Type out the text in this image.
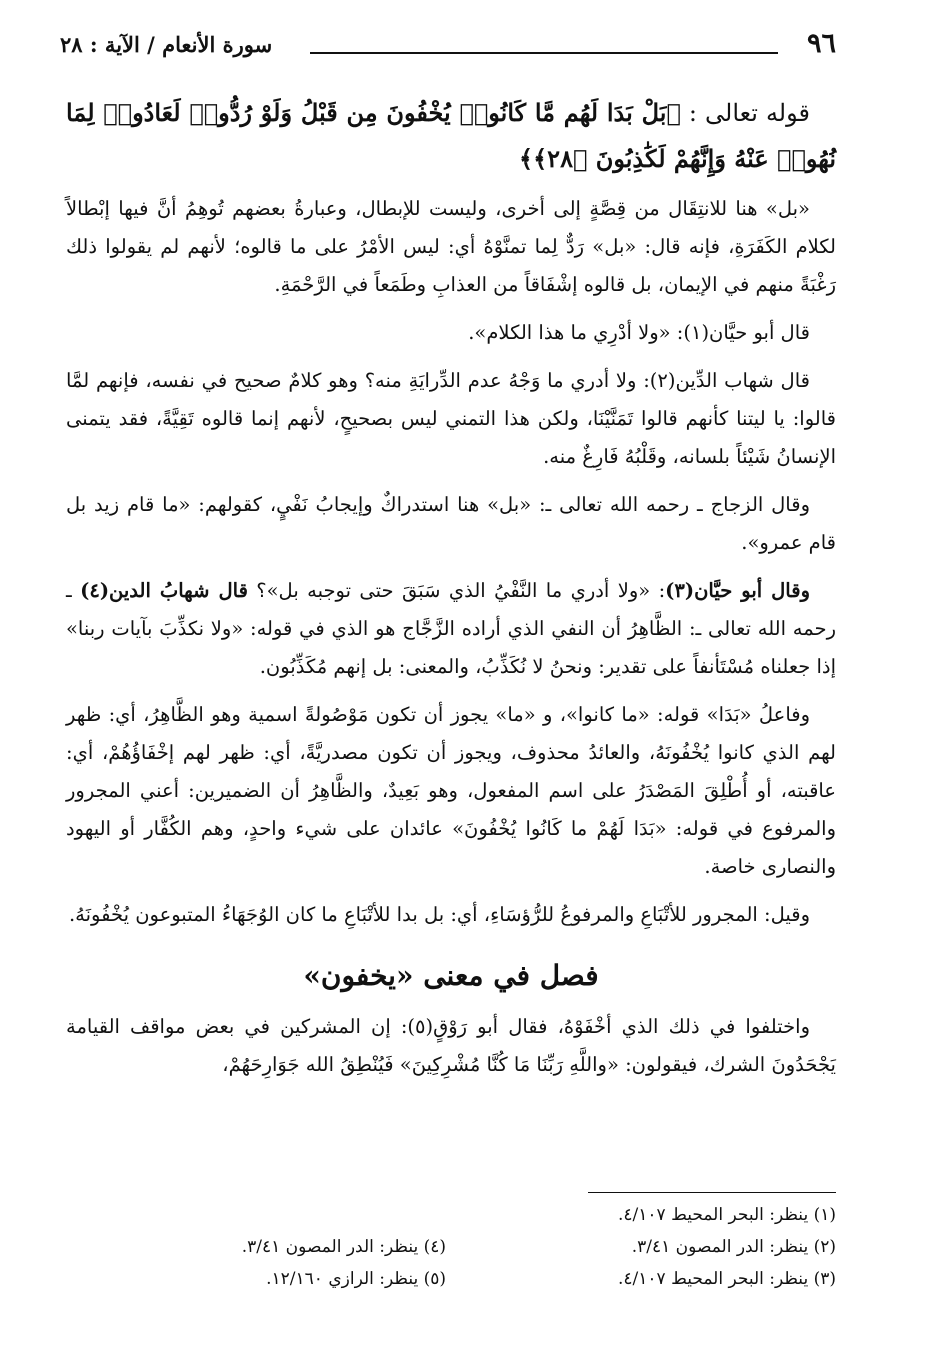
٩٦
سورة الأنعام / الآية : ٢٨

قوله تعالى : ﴿بَلْ بَدَا لَهُم مَّا كَانُوا۟ يُخْفُونَ مِن قَبْلُ وَلَوْ رُدُّوا۟ لَعَادُوا۟ لِمَا نُهُوا۟ عَنْهُ وَإِنَّهُمْ لَكَٰذِبُونَ ﴿٢٨﴾﴾

«بل» هنا للانتِقَال من قِصَّةٍ إلى أخرى، وليست للإبطال، وعبارةُ بعضهم تُوهِمُ أنَّ فيها إبْطالاً لكلام الكَفَرَةِ، فإنه قال: «بل» رَدٌّ لِما تمنَّوْهُ أي: ليس الأمْرُ على ما قالوه؛ لأنهم لم يقولوا ذلك رَغْبَةً منهم في الإيمان، بل قالوه إشْفَاقاً من العذابِ وطَمَعاً في الرَّحْمَةِ.

قال أبو حيَّان(١): «ولا أدْرِي ما هذا الكلام».

قال شهاب الدِّين(٢): ولا أدري ما وَجْهُ عدم الدِّرايَةِ منه؟ وهو كلامٌ صحيح في نفسه، فإنهم لمَّا قالوا: يا ليتنا كأنهم قالوا تَمَنَّيْنَا، ولكن هذا التمني ليس بصحيحٍ، لأنهم إنما قالوه تَقِيَّةً، فقد يتمنى الإنسانُ شَيْئاً بلسانه، وقَلْبُهُ فَارِغٌ منه.

وقال الزجاج ـ رحمه الله تعالى ـ: «بل» هنا استدراكٌ وإيجابُ نَفْيٍ، كقولهم: «ما قام زيد بل قام عمرو».

وقال أبو حيَّان(٣): «ولا أدري ما النَّفْيُ الذي سَبَقَ حتى توجبه بل»؟ قال شهابُ الدين(٤) ـ رحمه الله تعالى ـ: الظَّاهِرُ أن النفي الذي أراده الزَّجَّاج هو الذي في قوله: «ولا نكذِّبَ بآيات ربنا» إذا جعلناه مُسْتَأنفاً على تقدير: ونحنُ لا نُكَذِّبُ، والمعنى: بل إنهم مُكَذِّبُون.

وفاعلُ «بَدَا» قوله: «ما كانوا»، و «ما» يجوز أن تكون مَوْصُولةً اسمية وهو الظَّاهِرُ، أي: ظهر لهم الذي كانوا يُخْفُونَهُ، والعائدُ محذوف، ويجوز أن تكون مصدريَّةً، أي: ظهر لهم إخْفَاؤُهُمْ، أي: عاقبته، أو أُطْلِقَ المَصْدَرُ على اسم المفعول، وهو بَعِيدٌ، والظَّاهِرُ أن الضميرين: أعني المجرور والمرفوع في قوله: «بَدَا لَهُمْ ما كَانُوا يُخْفُونَ» عائدان على شيء واحدٍ، وهم الكُفَّار أو اليهود والنصارى خاصة.

وقيل: المجرور للأتْبَاعِ والمرفوعُ للرُّؤسَاءِ، أي: بل بدا للأتْبَاعِ ما كان الوُجَهَاءُ المتبوعون يُخْفُونَهُ.

فصل في معنى «يخفون»

واختلفوا في ذلك الذي أخْفَوْهُ، فقال أبو رَوْقٍ(٥): إن المشركين في بعض مواقف القيامة يَجْحَدُونَ الشرك، فيقولون: «واللَّهِ رَبِّنَا مَا كُنَّا مُشْرِكِينَ» فَيُنْطِقُ الله جَوَارِحَهُمْ،

(١) ينظر: البحر المحيط ٤/١٠٧.
(٢) ينظر: الدر المصون ٣/٤١.
(٤) ينظر: الدر المصون ٣/٤١.
(٣) ينظر: البحر المحيط ٤/١٠٧.
(٥) ينظر: الرازي ١٢/١٦٠.
